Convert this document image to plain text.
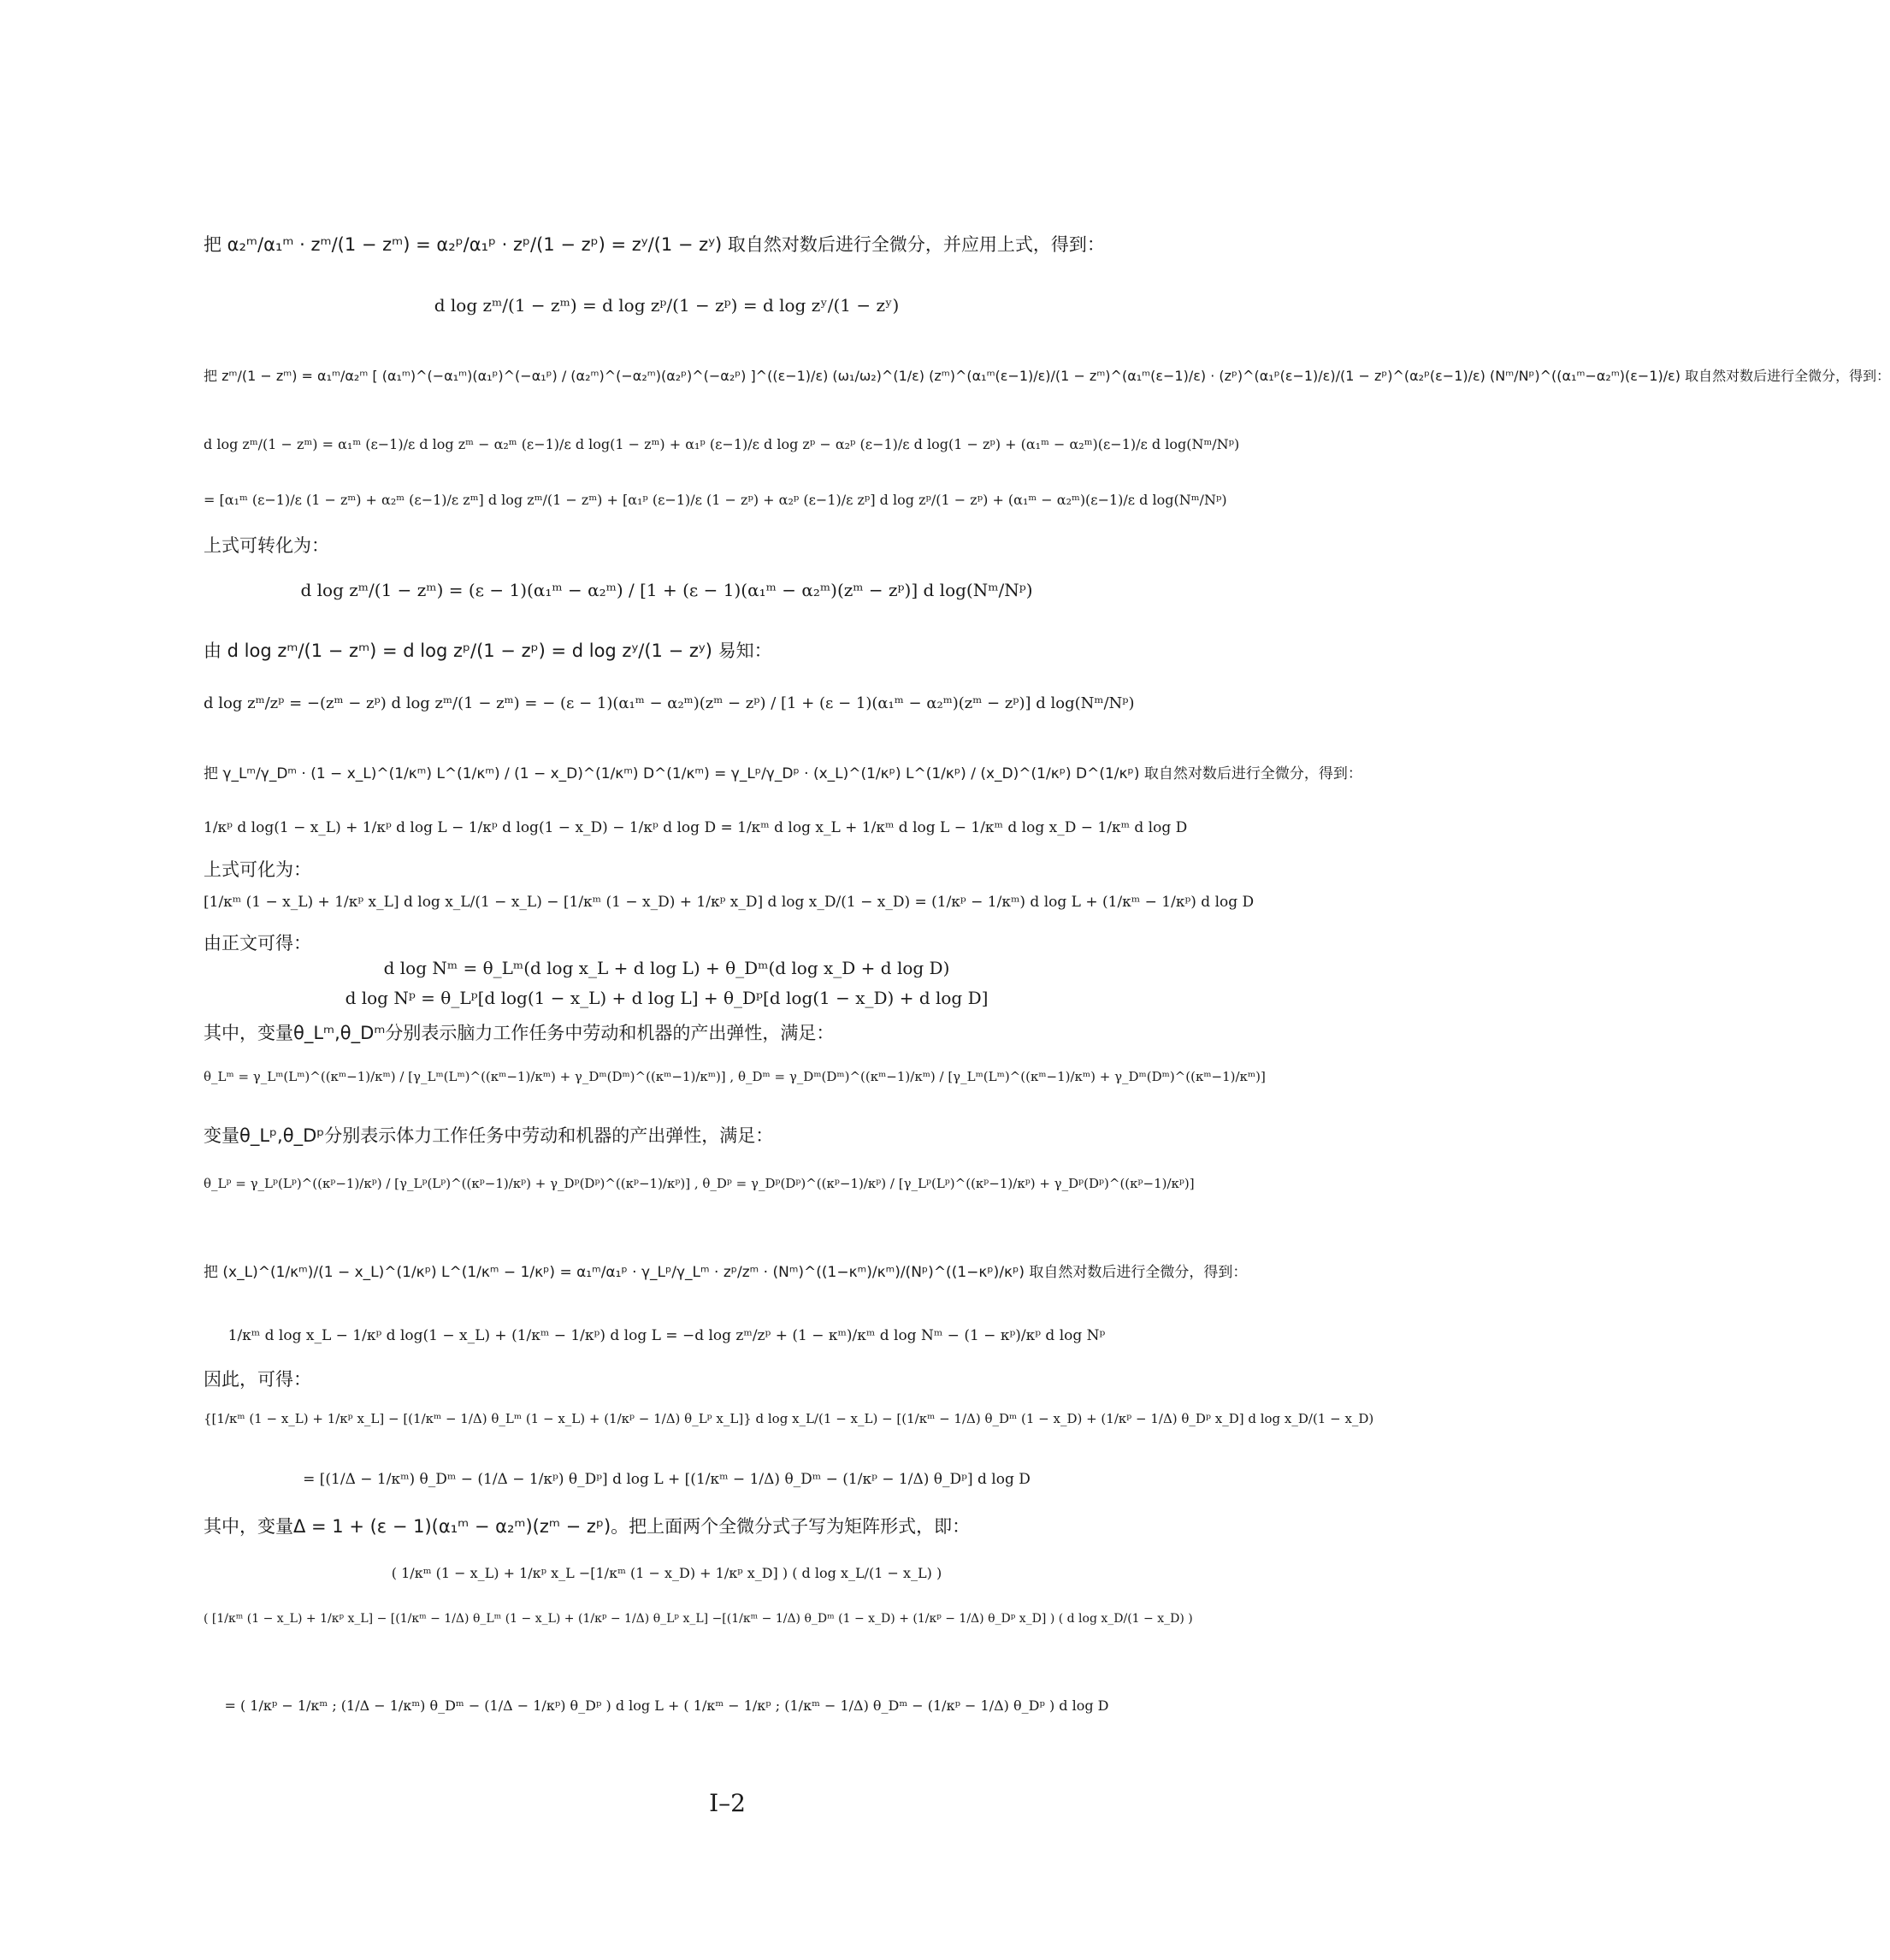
把 α₂ᵐ/α₁ᵐ · zᵐ/(1 − zᵐ) = α₂ᵖ/α₁ᵖ · zᵖ/(1 − zᵖ) = zʸ/(1 − zʸ) 取自然对数后进行全微分，并应用上式，得到：
d log zᵐ/(1 − zᵐ) = d log zᵖ/(1 − zᵖ) = d log zʸ/(1 − zʸ)
把 zᵐ/(1 − zᵐ) = α₁ᵐ/α₂ᵐ [ (α₁ᵐ)^(−α₁ᵐ)(α₁ᵖ)^(−α₁ᵖ) / (α₂ᵐ)^(−α₂ᵐ)(α₂ᵖ)^(−α₂ᵖ) ]^((ε−1)/ε) (ω₁/ω₂)^(1/ε) (zᵐ)^(α₁ᵐ(ε−1)/ε)/(1 − zᵐ)^(α₁ᵐ(ε−1)/ε) · (zᵖ)^(α₁ᵖ(ε−1)/ε)/(1 − zᵖ)^(α₂ᵖ(ε−1)/ε) (Nᵐ/Nᵖ)^((α₁ᵐ−α₂ᵐ)(ε−1)/ε) 取自然对数后进行全微分，得到：
d log zᵐ/(1 − zᵐ) = α₁ᵐ (ε−1)/ε d log zᵐ − α₂ᵐ (ε−1)/ε d log(1 − zᵐ) + α₁ᵖ (ε−1)/ε d log zᵖ − α₂ᵖ (ε−1)/ε d log(1 − zᵖ) + (α₁ᵐ − α₂ᵐ)(ε−1)/ε d log(Nᵐ/Nᵖ)
= [α₁ᵐ (ε−1)/ε (1 − zᵐ) + α₂ᵐ (ε−1)/ε zᵐ] d log zᵐ/(1 − zᵐ) + [α₁ᵖ (ε−1)/ε (1 − zᵖ) + α₂ᵖ (ε−1)/ε zᵖ] d log zᵖ/(1 − zᵖ) + (α₁ᵐ − α₂ᵐ)(ε−1)/ε d log(Nᵐ/Nᵖ)
上式可转化为：
d log zᵐ/(1 − zᵐ) = (ε − 1)(α₁ᵐ − α₂ᵐ) / [1 + (ε − 1)(α₁ᵐ − α₂ᵐ)(zᵐ − zᵖ)] d log(Nᵐ/Nᵖ)
由 d log zᵐ/(1 − zᵐ) = d log zᵖ/(1 − zᵖ) = d log zʸ/(1 − zʸ) 易知：
d log zᵐ/zᵖ = −(zᵐ − zᵖ) d log zᵐ/(1 − zᵐ) = − (ε − 1)(α₁ᵐ − α₂ᵐ)(zᵐ − zᵖ) / [1 + (ε − 1)(α₁ᵐ − α₂ᵐ)(zᵐ − zᵖ)] d log(Nᵐ/Nᵖ)
把 γ_Lᵐ/γ_Dᵐ · (1 − x_L)^(1/κᵐ) L^(1/κᵐ) / (1 − x_D)^(1/κᵐ) D^(1/κᵐ) = γ_Lᵖ/γ_Dᵖ · (x_L)^(1/κᵖ) L^(1/κᵖ) / (x_D)^(1/κᵖ) D^(1/κᵖ) 取自然对数后进行全微分，得到：
1/κᵖ d log(1 − x_L) + 1/κᵖ d log L − 1/κᵖ d log(1 − x_D) − 1/κᵖ d log D = 1/κᵐ d log x_L + 1/κᵐ d log L − 1/κᵐ d log x_D − 1/κᵐ d log D
上式可化为：
[1/κᵐ (1 − x_L) + 1/κᵖ x_L] d log x_L/(1 − x_L) − [1/κᵐ (1 − x_D) + 1/κᵖ x_D] d log x_D/(1 − x_D) = (1/κᵖ − 1/κᵐ) d log L + (1/κᵐ − 1/κᵖ) d log D
由正文可得：
d log Nᵐ = θ_Lᵐ(d log x_L + d log L) + θ_Dᵐ(d log x_D + d log D)
d log Nᵖ = θ_Lᵖ[d log(1 − x_L) + d log L] + θ_Dᵖ[d log(1 − x_D) + d log D]
其中，变量θ_Lᵐ,θ_Dᵐ分别表示脑力工作任务中劳动和机器的产出弹性，满足：
θ_Lᵐ = γ_Lᵐ(Lᵐ)^((κᵐ−1)/κᵐ) / [γ_Lᵐ(Lᵐ)^((κᵐ−1)/κᵐ) + γ_Dᵐ(Dᵐ)^((κᵐ−1)/κᵐ)] , θ_Dᵐ = γ_Dᵐ(Dᵐ)^((κᵐ−1)/κᵐ) / [γ_Lᵐ(Lᵐ)^((κᵐ−1)/κᵐ) + γ_Dᵐ(Dᵐ)^((κᵐ−1)/κᵐ)]
变量θ_Lᵖ,θ_Dᵖ分别表示体力工作任务中劳动和机器的产出弹性，满足：
θ_Lᵖ = γ_Lᵖ(Lᵖ)^((κᵖ−1)/κᵖ) / [γ_Lᵖ(Lᵖ)^((κᵖ−1)/κᵖ) + γ_Dᵖ(Dᵖ)^((κᵖ−1)/κᵖ)] , θ_Dᵖ = γ_Dᵖ(Dᵖ)^((κᵖ−1)/κᵖ) / [γ_Lᵖ(Lᵖ)^((κᵖ−1)/κᵖ) + γ_Dᵖ(Dᵖ)^((κᵖ−1)/κᵖ)]
把 (x_L)^(1/κᵐ)/(1 − x_L)^(1/κᵖ) L^(1/κᵐ − 1/κᵖ) = α₁ᵐ/α₁ᵖ · γ_Lᵖ/γ_Lᵐ · zᵖ/zᵐ · (Nᵐ)^((1−κᵐ)/κᵐ)/(Nᵖ)^((1−κᵖ)/κᵖ) 取自然对数后进行全微分，得到：
1/κᵐ d log x_L − 1/κᵖ d log(1 − x_L) + (1/κᵐ − 1/κᵖ) d log L = −d log zᵐ/zᵖ + (1 − κᵐ)/κᵐ d log Nᵐ − (1 − κᵖ)/κᵖ d log Nᵖ
因此，可得：
{[1/κᵐ (1 − x_L) + 1/κᵖ x_L] − [(1/κᵐ − 1/Δ) θ_Lᵐ (1 − x_L) + (1/κᵖ − 1/Δ) θ_Lᵖ x_L]} d log x_L/(1 − x_L) − [(1/κᵐ − 1/Δ) θ_Dᵐ (1 − x_D) + (1/κᵖ − 1/Δ) θ_Dᵖ x_D] d log x_D/(1 − x_D)
= [(1/Δ − 1/κᵐ) θ_Dᵐ − (1/Δ − 1/κᵖ) θ_Dᵖ] d log L + [(1/κᵐ − 1/Δ) θ_Dᵐ − (1/κᵖ − 1/Δ) θ_Dᵖ] d log D
其中，变量Δ = 1 + (ε − 1)(α₁ᵐ − α₂ᵐ)(zᵐ − zᵖ)。把上面两个全微分式子写为矩阵形式，即：
( 1/κᵐ (1 − x_L) + 1/κᵖ x_L −[1/κᵐ (1 − x_D) + 1/κᵖ x_D] ) ( d log x_L/(1 − x_L) )
( [1/κᵐ (1 − x_L) + 1/κᵖ x_L] − [(1/κᵐ − 1/Δ) θ_Lᵐ (1 − x_L) + (1/κᵖ − 1/Δ) θ_Lᵖ x_L] −[(1/κᵐ − 1/Δ) θ_Dᵐ (1 − x_D) + (1/κᵖ − 1/Δ) θ_Dᵖ x_D] ) ( d log x_D/(1 − x_D) )
= ( 1/κᵖ − 1/κᵐ ; (1/Δ − 1/κᵐ) θ_Dᵐ − (1/Δ − 1/κᵖ) θ_Dᵖ ) d log L + ( 1/κᵐ − 1/κᵖ ; (1/κᵐ − 1/Δ) θ_Dᵐ − (1/κᵖ − 1/Δ) θ_Dᵖ ) d log D
I–2
